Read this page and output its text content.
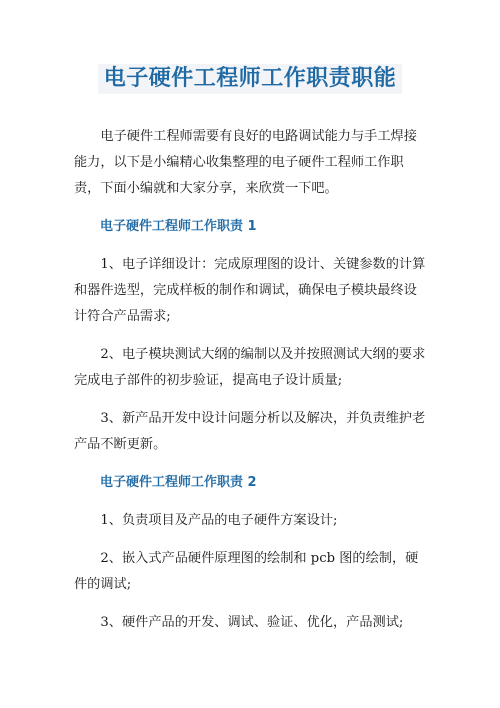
电子硬件工程师工作职责职能

电子硬件工程师需要有良好的电路调试能力与手工焊接能力，以下是小编精心收集整理的电子硬件工程师工作职责，下面小编就和大家分享，来欣赏一下吧。

电子硬件工程师工作职责 1

1、电子详细设计：完成原理图的设计、关键参数的计算和器件选型，完成样板的制作和调试，确保电子模块最终设计符合产品需求;

2、电子模块测试大纲的编制以及并按照测试大纲的要求完成电子部件的初步验证，提高电子设计质量;

3、新产品开发中设计问题分析以及解决，并负责维护老产品不断更新。

电子硬件工程师工作职责 2

1、负责项目及产品的电子硬件方案设计;

2、嵌入式产品硬件原理图的绘制和 pcb 图的绘制，硬件的调试;

3、硬件产品的开发、调试、验证、优化，产品测试;
